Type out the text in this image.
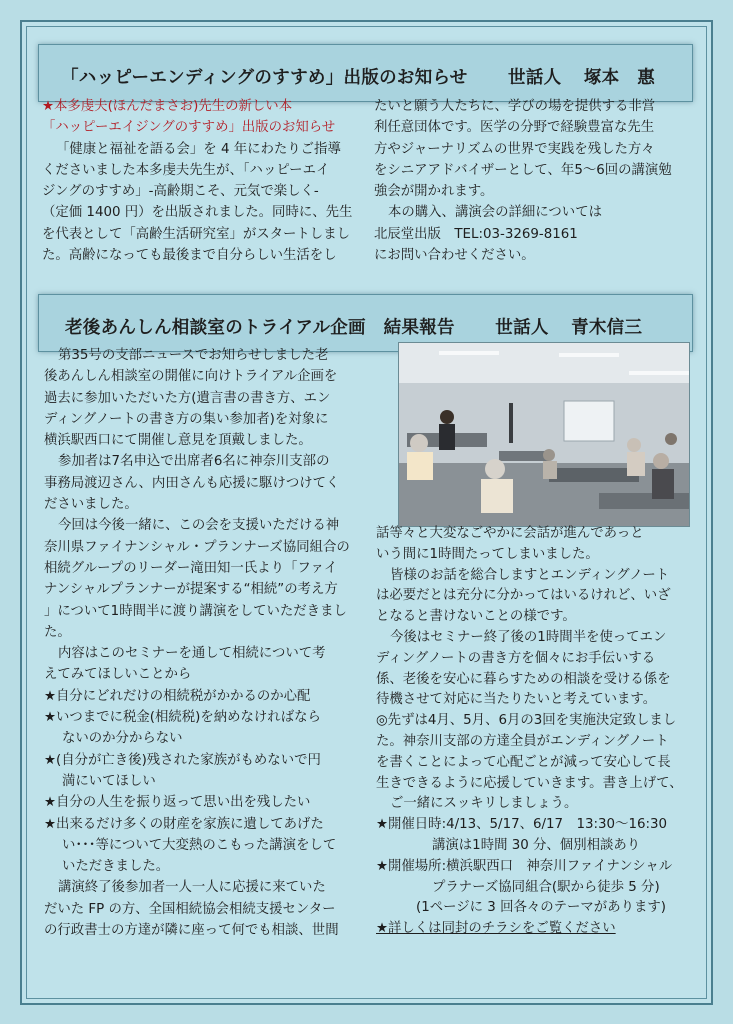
「ハッピーエンディングのすすめ」出版のお知らせ 世話人 塚本　惠
★本多虔夫(ほんだまさお)先生の新しい本
「ハッピーエイジングのすすめ」出版のお知らせ
「健康と福祉を語る会」を 4 年にわたりご指導
くださいました本多虔夫先生が、「ハッピーエイ
ジングのすすめ」-高齢期こそ、元気で楽しく-
（定価 1400 円）を出版されました。同時に、先生
を代表として「高齢生活研究室」がスタートしまし
た。高齢になっても最後まで自分らしい生活をし
たいと願う人たちに、学びの場を提供する非営
利任意団体です。医学の分野で経験豊富な先生
方やジャーナリズムの世界で実践を残した方々
をシニアアドバイザーとして、年5～6回の講演勉
強会が開かれます。
本の購入、講演会の詳細については
北辰堂出版　TEL:03-3269-8161
にお問い合わせください。
老後あんしん相談室のトライアル企画　結果報告 世話人 青木信三
第35号の支部ニュースでお知らせしました老
後あんしん相談室の開催に向けトライアル企画を
過去に参加いただいた方(遺言書の書き方、エン
ディングノートの書き方の集い参加者)を対象に
横浜駅西口にて開催し意見を頂戴しました。
参加者は7名申込で出席者6名に神奈川支部の
事務局渡辺さん、内田さんも応援に駆けつけてく
ださいました。
今回は今後一緒に、この会を支援いただける神
奈川県ファイナンシャル・プランナーズ協同組合の
相続グループのリーダー滝田知一氏より「ファイ
ナンシャルプランナーが提案する“相続”の考え方
」について1時間半に渡り講演をしていただきまし
た。
内容はこのセミナーを通して相続について考
えてみてほしいことから
★自分にどれだけの相続税がかかるのか心配
★いつまでに税金(相続税)を納めなければなら
ないのか分からない
★(自分が亡き後)残された家族がもめないで円
満にいてほしい
★自分の人生を振り返って思い出を残したい
★出来るだけ多くの財産を家族に遺してあげた
い･･･等について大変熱のこもった講演をして
いただきました。
講演終了後参加者一人一人に応援に来ていた
だいた FP の方、全国相続協会相続支援センター
の行政書士の方達が隣に座って何でも相談、世間
話等々と大変なごやかに会話が進んであっと
いう間に1時間たってしまいました。
皆様のお話を総合しますとエンディングノート
は必要だとは充分に分かってはいるけれど、いざ
となると書けないことの様です。
今後はセミナー終了後の1時間半を使ってエン
ディングノートの書き方を個々にお手伝いする
係、老後を安心に暮らすための相談を受ける係を
待機させて対応に当たりたいと考えています。
◎先ずは4月、5月、6月の3回を実施決定致しまし
た。神奈川支部の方達全員がエンディングノート
を書くことによって心配ごとが減って安心して長
生きできるように応援していきます。書き上げて、
ご一緒にスッキリしましょう。
★開催日時:4/13、5/17、6/17　13:30～16:30
講演は1時間 30 分、個別相談あり
★開催場所:横浜駅西口　神奈川ファイナンシャル
プラナーズ協同組合(駅から徒歩 5 分)
(1ページに 3 回各々のテーマがあります)
★詳しくは同封のチラシをご覧ください
